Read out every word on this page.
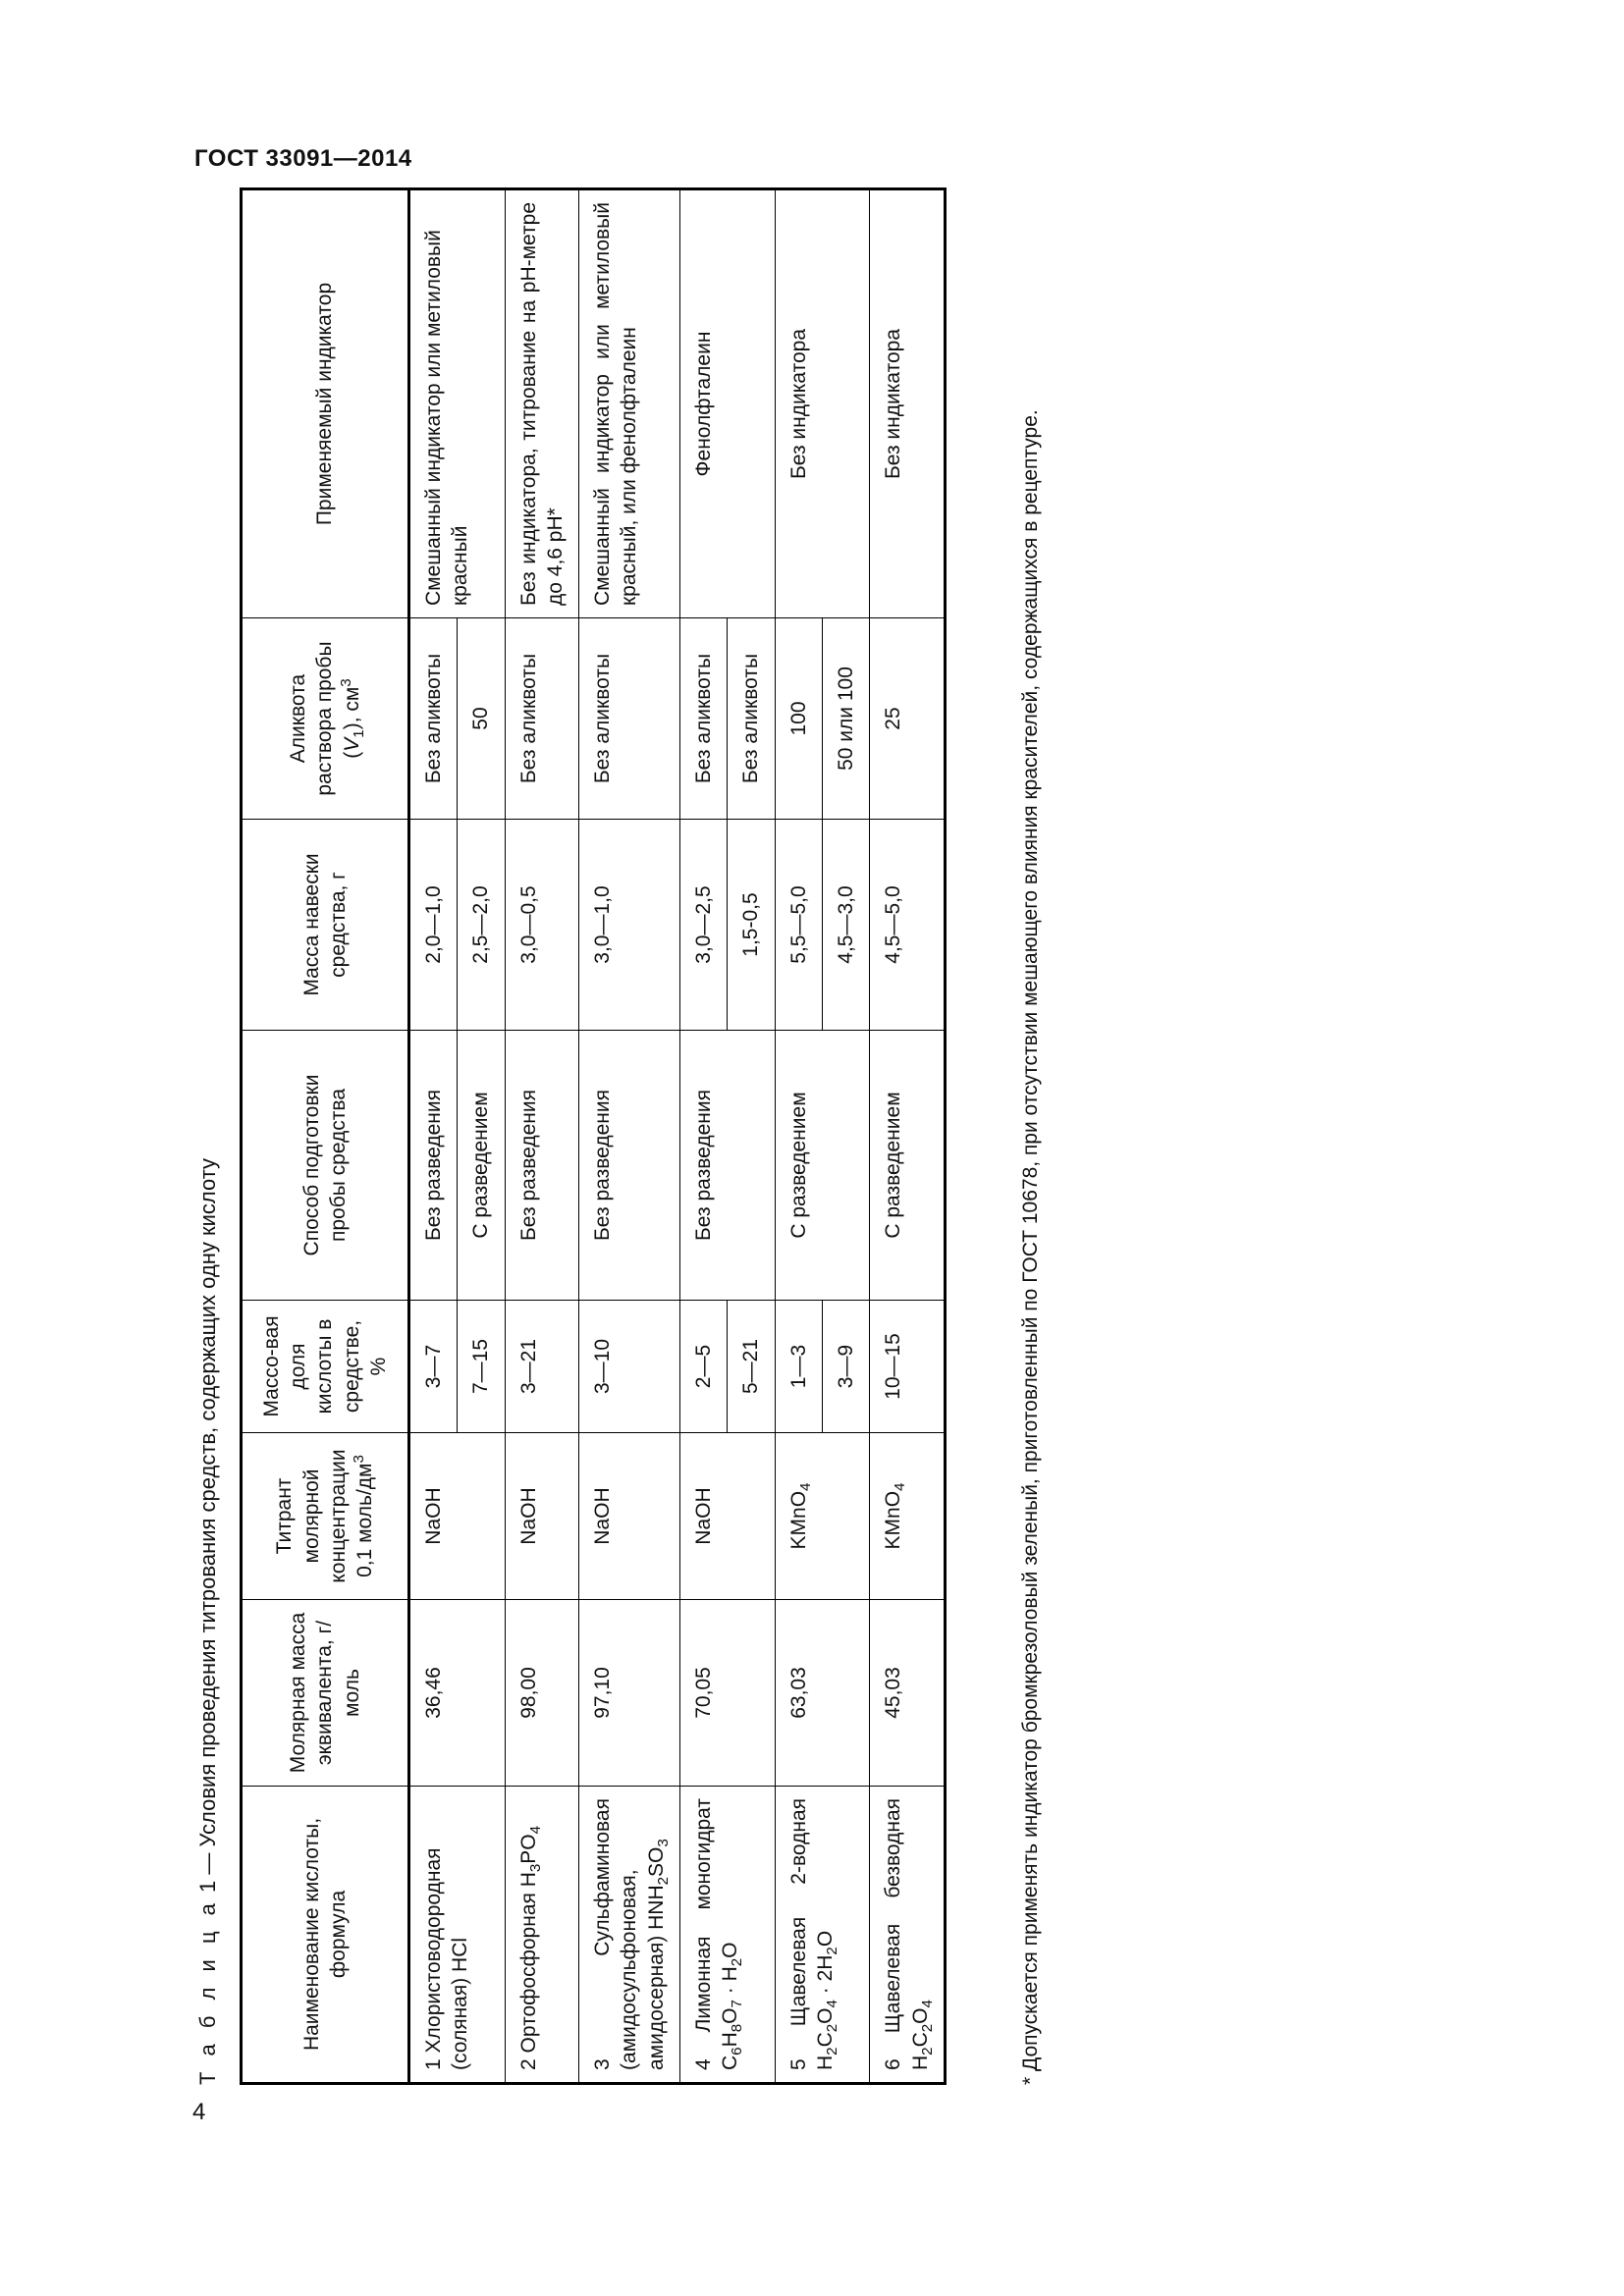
ГОСТ 33091—2014
4
Т а б л и ц а 1 — Условия проведения титрования средств, содержащих одну кислоту
Наименование кислоты, формула	Молярная масса эквивалента, г/моль	Титрант молярной концентрации 0,1 моль/$дм^3$	Массо-вая доля кислоты в средстве, %	Способ подготовки пробы средства	Масса навески средства, г	Аликвота раствора пробы $(V_1)$, $см^3$	Применяемый индикатор
1 Хлористоводородная (соляная) HCl	36,46	NaOH	3—7	Без разведения	2,0—1,0	Без аликвоты	Смешанный индикатор или метиловый красный
			7—15	С разведением	2,5—2,0	50	
2 Ортофосфорная $H_3PO_4$	98,00	NaOH	3—21	Без разведения	3,0—0,5	Без аликвоты	Без индикатора, титрование на pH-метре до 4,6 pH*
3 Сульфаминовая (амидосульфоновая, амидосерная) $HNH_2SO_3$	97,10	NaOH	3—10	Без разведения	3,0—1,0	Без аликвоты	Смешанный индикатор или метиловый красный, или фенолфталеин
4 Лимонная моногидрат $C_6H_8O_7 \cdot H_2O$	70,05	NaOH	2—5	Без разведения	3,0—2,5	Без аликвоты	Фенолфталеин
			5—21		1,5-0,5	Без аликвоты	
5 Щавелевая 2-водная $H_2C_2O_4 \cdot 2H_2O$	63,03	KMnO$_4$	1—3	С разведением	5,5—5,0	100	Без индикатора
			3—9		4,5—3,0	50 или 100	
6 Щавелевая безводная $H_2C_2O_4$	45,03	KMnO$_4$	10—15	С разведением	4,5—5,0	25	Без индикатора
* Допускается применять индикатор бромкрезоловый зеленый, приготовленный по ГОСТ 10678, при отсутствии мешающего влияния красителей, содержащихся в рецептуре.
